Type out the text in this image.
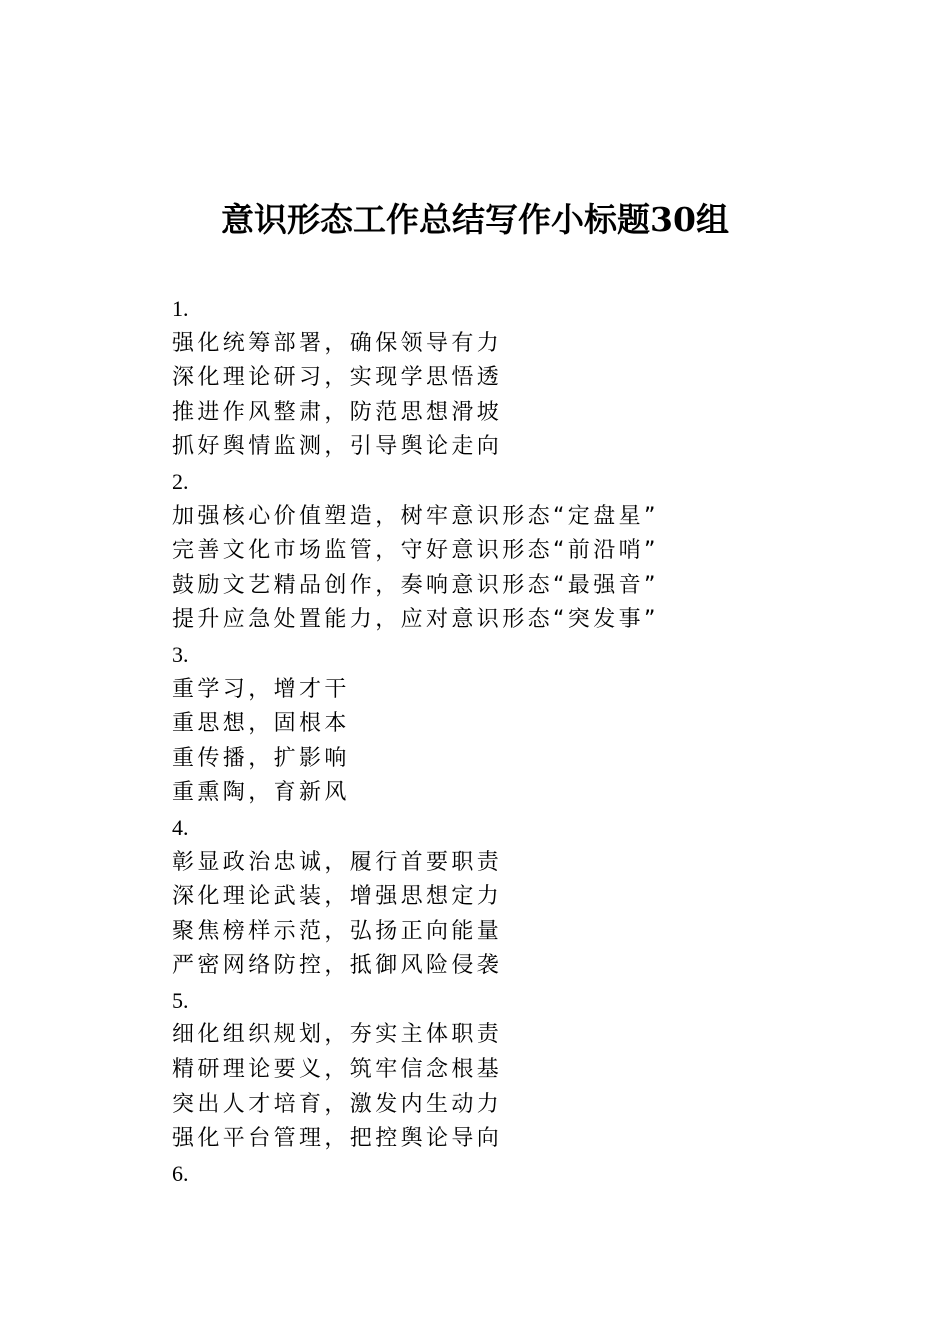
意识形态工作总结写作小标题30组
1.
强化统筹部署，确保领导有力
深化理论研习，实现学思悟透
推进作风整肃，防范思想滑坡
抓好舆情监测，引导舆论走向
2.
加强核心价值塑造，树牢意识形态“定盘星”
完善文化市场监管，守好意识形态“前沿哨”
鼓励文艺精品创作，奏响意识形态“最强音”
提升应急处置能力，应对意识形态“突发事”
3.
重学习，增才干
重思想，固根本
重传播，扩影响
重熏陶，育新风
4.
彰显政治忠诚，履行首要职责
深化理论武装，增强思想定力
聚焦榜样示范，弘扬正向能量
严密网络防控，抵御风险侵袭
5.
细化组织规划，夯实主体职责
精研理论要义，筑牢信念根基
突出人才培育，激发内生动力
强化平台管理，把控舆论导向
6.
